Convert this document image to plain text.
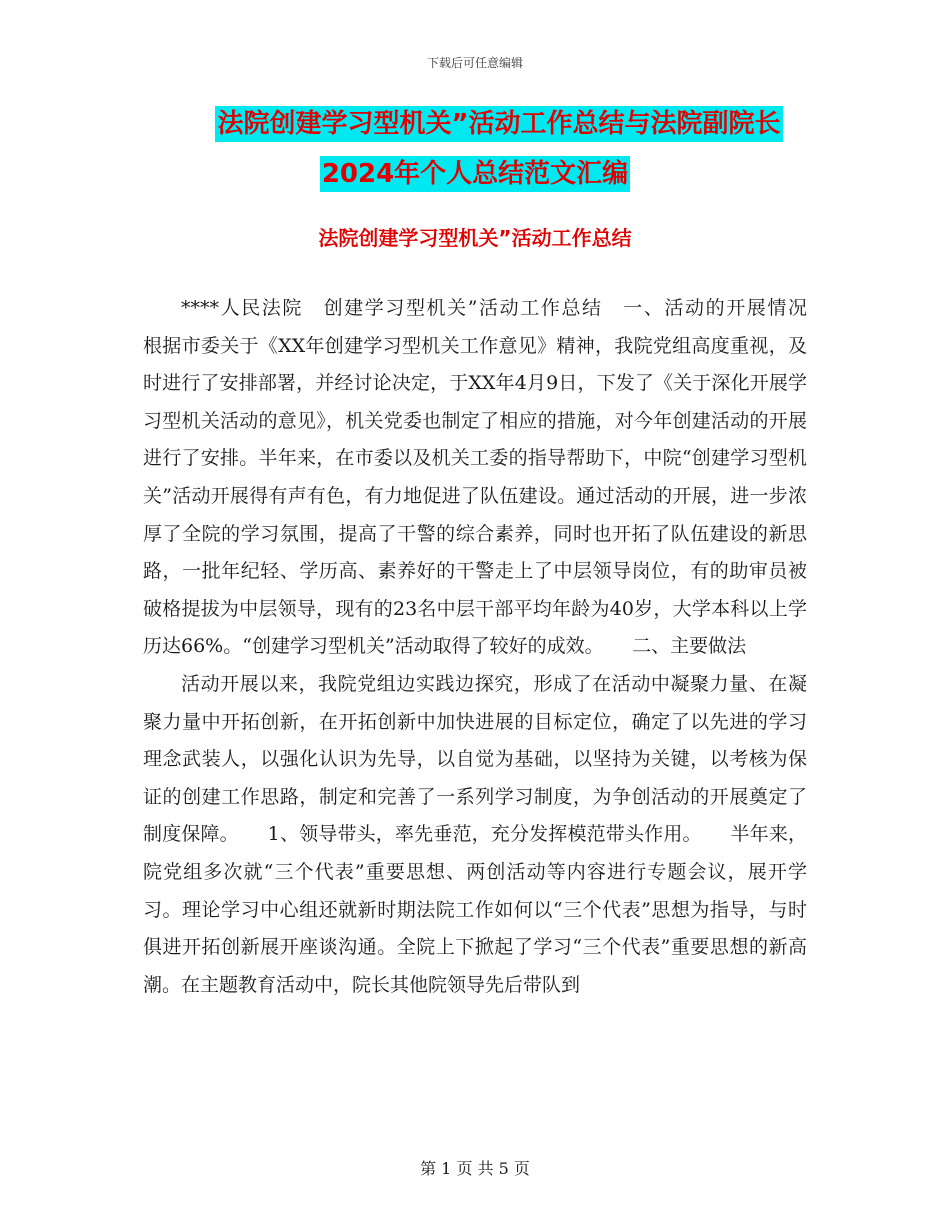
下载后可任意编辑
法院创建学习型机关”活动工作总结与法院副院长
2024年个人总结范文汇编
法院创建学习型机关”活动工作总结

****人民法院　创建学习型机关”活动工作总结　一、活动的开展情况　　根据市委关于《XX年创建学习型机关工作意见》精神，我院党组高度重视，及时进行了安排部署，并经讨论决定，于XX年4月9日，下发了《关于深化开展学习型机关活动的意见》，机关党委也制定了相应的措施，对今年创建活动的开展进行了安排。半年来，在市委以及机关工委的指导帮助下，中院“创建学习型机关”活动开展得有声有色，有力地促进了队伍建设。通过活动的开展，进一步浓厚了全院的学习氛围，提高了干警的综合素养，同时也开拓了队伍建设的新思路，一批年纪轻、学历高、素养好的干警走上了中层领导岗位，有的助审员被破格提拔为中层领导，现有的23名中层干部平均年龄为40岁，大学本科以上学历达66%。“创建学习型机关”活动取得了较好的成效。　　二、主要做法

活动开展以来，我院党组边实践边探究，形成了在活动中凝聚力量、在凝聚力量中开拓创新，在开拓创新中加快进展的目标定位，确定了以先进的学习理念武装人，以强化认识为先导，以自觉为基础，以坚持为关键，以考核为保证的创建工作思路，制定和完善了一系列学习制度，为争创活动的开展奠定了制度保障。　　1、领导带头，率先垂范，充分发挥模范带头作用。　　半年来，院党组多次就“三个代表”重要思想、两创活动等内容进行专题会议，展开学习。理论学习中心组还就新时期法院工作如何以“三个代表”思想为指导，与时俱进开拓创新展开座谈沟通。全院上下掀起了学习“三个代表”重要思想的新高潮。在主题教育活动中，院长其他院领导先后带队到

第 1 页 共 5 页
